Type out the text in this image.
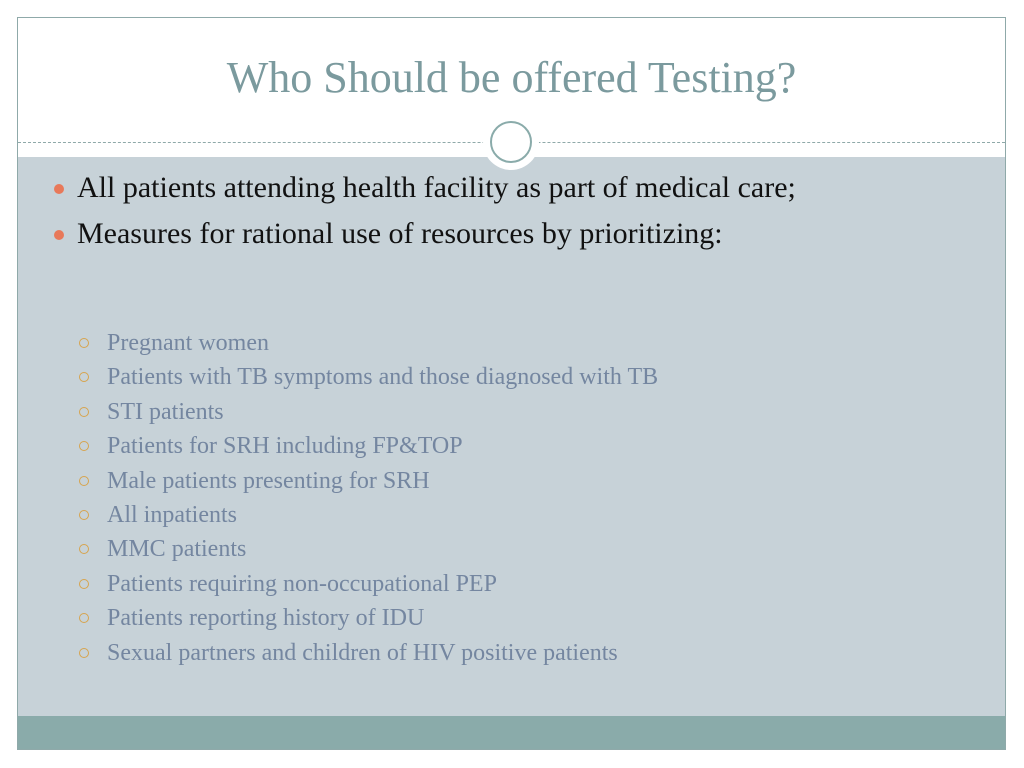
Who Should be offered Testing?
All patients attending health facility as part of medical care;
Measures for rational use of resources by prioritizing:
Pregnant women
Patients with TB symptoms and those diagnosed with TB
STI patients
Patients for SRH including FP&TOP
Male patients presenting for SRH
All inpatients
MMC patients
Patients requiring non-occupational PEP
Patients reporting history of IDU
Sexual partners and children of HIV positive patients
